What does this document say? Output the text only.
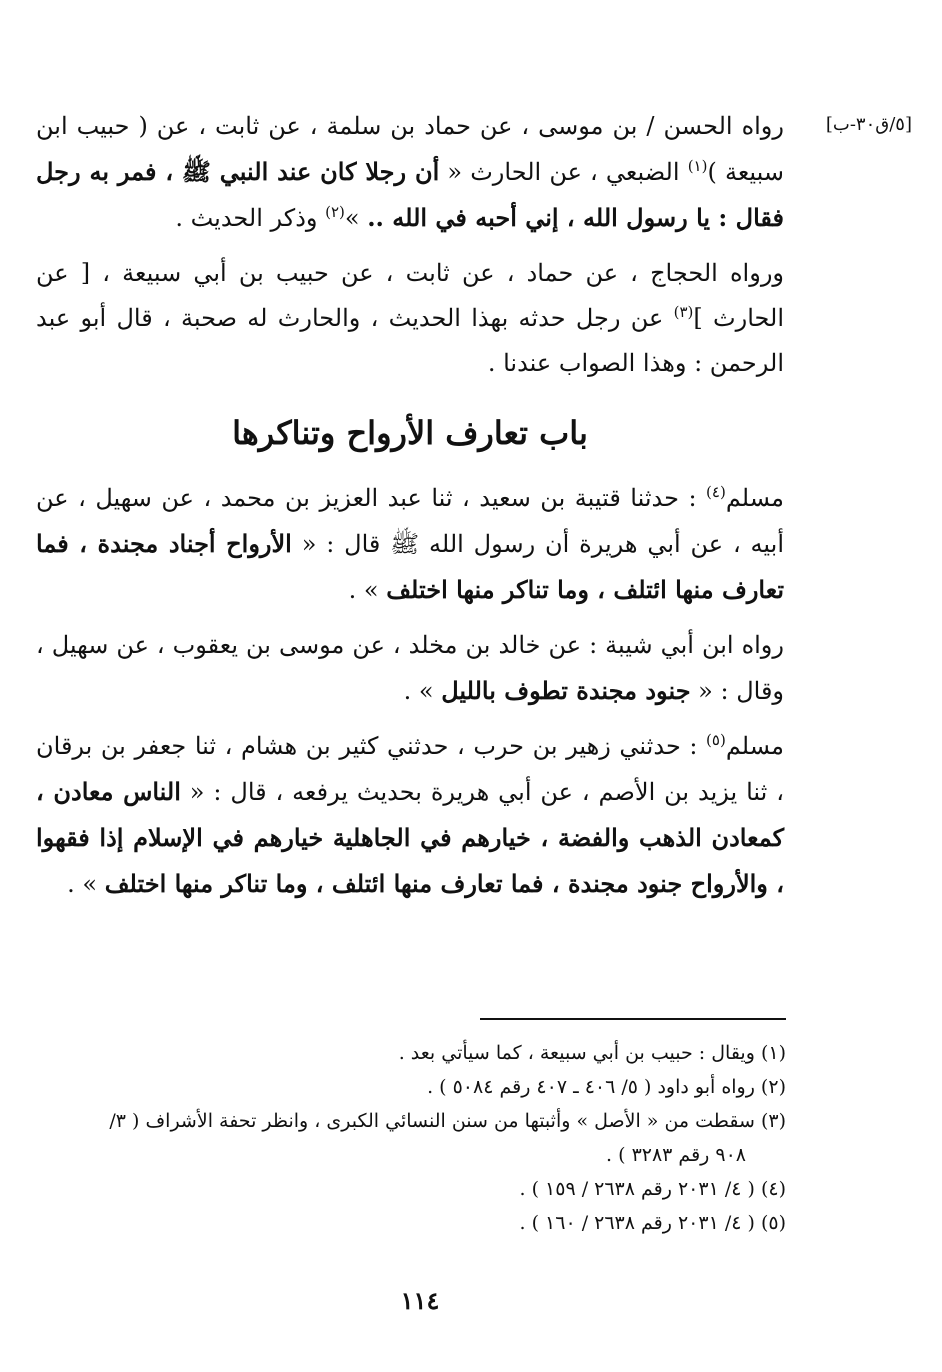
[٥/ق٣٠-ب]

رواه الحسن / بن موسى ، عن حماد بن سلمة ، عن ثابت ، عن ( حبيب ابن سبيعة )$^{(١)}$ الضبعي ، عن الحارث « أن رجلا كان عند النبي ﷺ ، فمر به رجل فقال : يا رسول الله ، إني أحبه في الله .. »$^{(٢)}$ وذكر الحديث .

ورواه الحجاج ، عن حماد ، عن ثابت ، عن حبيب بن أبي سبيعة ، [ عن الحارث ]$^{(٣)}$ عن رجل حدثه بهذا الحديث ، والحارث له صحبة ، قال أبو عبد الرحمن : وهذا الصواب عندنا .

باب تعارف الأرواح وتناكرها

مسلم$^{(٤)}$ : حدثنا قتيبة بن سعيد ، ثنا عبد العزيز بن محمد ، عن سهيل ، عن أبيه ، عن أبي هريرة أن رسول الله ﷺ قال : « الأرواح أجناد مجندة ، فما تعارف منها ائتلف ، وما تناكر منها اختلف » .

رواه ابن أبي شيبة : عن خالد بن مخلد ، عن موسى بن يعقوب ، عن سهيل ، وقال : « جنود مجندة تطوف بالليل » .

مسلم$^{(٥)}$ : حدثني زهير بن حرب ، حدثني كثير بن هشام ، ثنا جعفر بن برقان ، ثنا يزيد بن الأصم ، عن أبي هريرة بحديث يرفعه ، قال : « الناس معادن ، كمعادن الذهب والفضة ، خيارهم في الجاهلية خيارهم في الإسلام إذا فقهوا ، والأرواح جنود مجندة ، فما تعارف منها ائتلف ، وما تناكر منها اختلف » .

(١) ويقال : حبيب بن أبي سبيعة ، كما سيأتي بعد .

(٢) رواه أبو داود ( ٥/ ٤٠٦ ـ ٤٠٧ رقم ٥٠٨٤ ) .

(٣) سقطت من « الأصل » وأثبتها من سنن النسائي الكبرى ، وانظر تحفة الأشراف ( ٣/

٩٠٨ رقم ٣٢٨٣ ) .

(٤) ( ٤/ ٢٠٣١ رقم ٢٦٣٨ / ١٥٩ ) .

(٥) ( ٤/ ٢٠٣١ رقم ٢٦٣٨ / ١٦٠ ) .

١١٤
